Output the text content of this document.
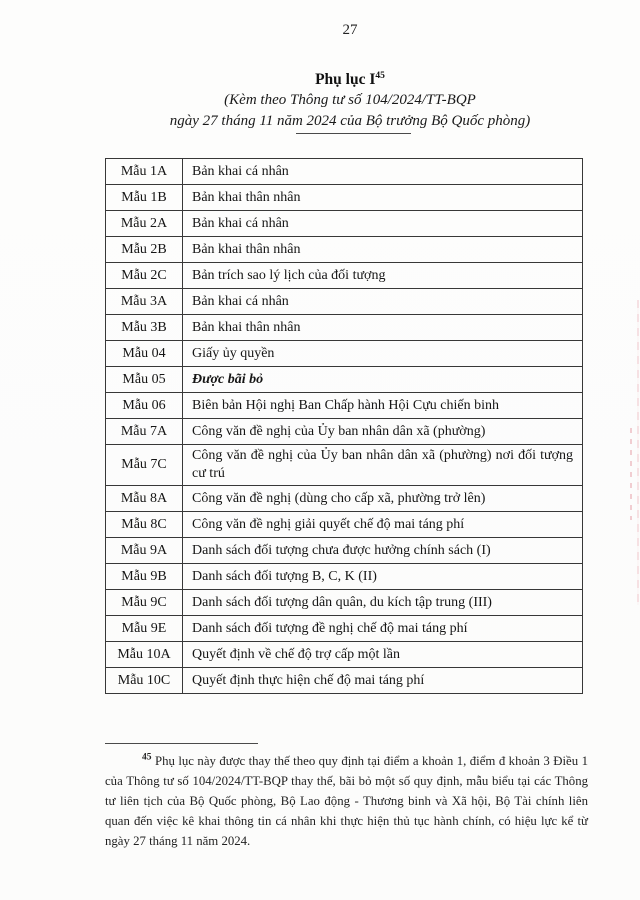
27
Phụ lục $I^{45}$
(Kèm theo Thông tư số 104/2024/TT-BQP
ngày 27 tháng 11 năm 2024 của Bộ trưởng Bộ Quốc phòng)
Mẫu 1A	Bản khai cá nhân
Mẫu 1B	Bản khai thân nhân
Mẫu 2A	Bản khai cá nhân
Mẫu 2B	Bản khai thân nhân
Mẫu 2C	Bản trích sao lý lịch của đối tượng
Mẫu 3A	Bản khai cá nhân
Mẫu 3B	Bản khai thân nhân
Mẫu 04	Giấy ủy quyền
Mẫu 05	Được bãi bỏ
Mẫu 06	Biên bản Hội nghị Ban Chấp hành Hội Cựu chiến binh
Mẫu 7A	Công văn đề nghị của Ủy ban nhân dân xã (phường)
Mẫu 7C	Công văn đề nghị của Ủy ban nhân dân xã (phường) nơi đối tượng cư trú
Mẫu 8A	Công văn đề nghị (dùng cho cấp xã, phường trở lên)
Mẫu 8C	Công văn đề nghị giải quyết chế độ mai táng phí
Mẫu 9A	Danh sách đối tượng chưa được hưởng chính sách (I)
Mẫu 9B	Danh sách đối tượng B, C, K (II)
Mẫu 9C	Danh sách đối tượng dân quân, du kích tập trung (III)
Mẫu 9E	Danh sách đối tượng đề nghị chế độ mai táng phí
Mẫu 10A	Quyết định về chế độ trợ cấp một lần
Mẫu 10C	Quyết định thực hiện chế độ mai táng phí
$^{45}$ Phụ lục này được thay thế theo quy định tại điểm a khoản 1, điểm đ khoản 3 Điều 1 của Thông tư số 104/2024/TT-BQP thay thế, bãi bỏ một số quy định, mẫu biểu tại các Thông tư liên tịch của Bộ Quốc phòng, Bộ Lao động - Thương binh và Xã hội, Bộ Tài chính liên quan đến việc kê khai thông tin cá nhân khi thực hiện thủ tục hành chính, có hiệu lực kể từ ngày 27 tháng 11 năm 2024.
